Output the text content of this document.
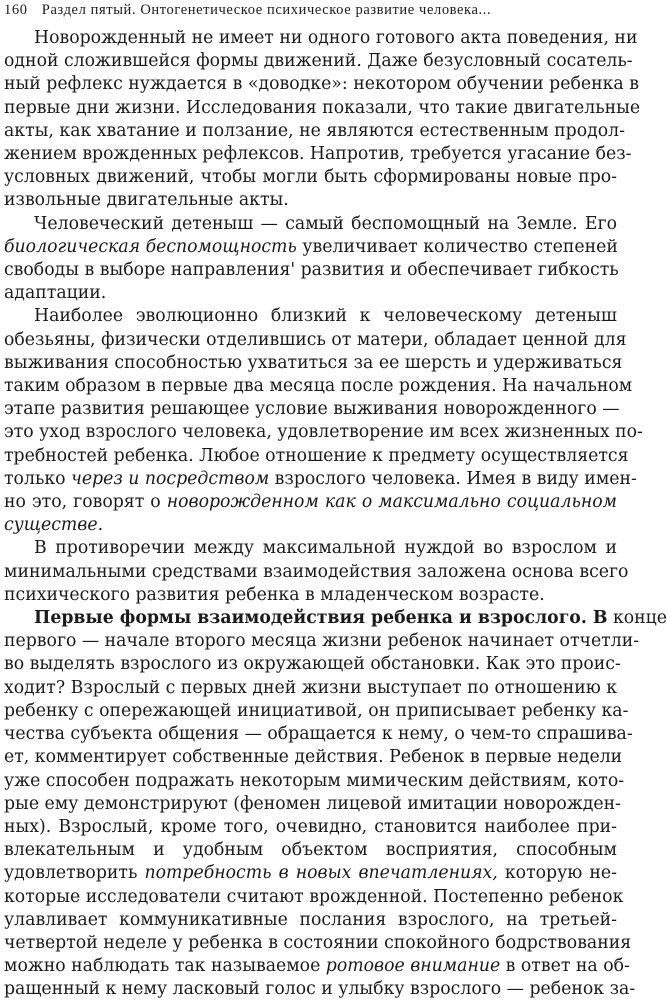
160 Раздел пятый. Онтогенетическое психическое развитие человека...
Новорожденный не имеет ни одного готового акта поведения, ни
одной сложившейся формы движений. Даже безусловный сосатель-
ный рефлекс нуждается в «доводке»: некотором обучении ребенка в
первые дни жизни. Исследования показали, что такие двигательные
акты, как хватание и ползание, не являются естественным продол-
жением врожденных рефлексов. Напротив, требуется угасание без-
условных движений, чтобы могли быть сформированы новые про-
извольные двигательные акты.
Человеческий детеныш — самый беспомощный на Земле. Его
биологическая беспомощность увеличивает количество степеней
свободы в выборе направления' развития и обеспечивает гибкость
адаптации.
Наиболее эволюционно близкий к человеческому детеныш
обезьяны, физически отделившись от матери, обладает ценной для
выживания способностью ухватиться за ее шерсть и удерживаться
таким образом в первые два месяца после рождения. На начальном
этапе развития решающее условие выживания новорожденного —
это уход взрослого человека, удовлетворение им всех жизненных по-
требностей ребенка. Любое отношение к предмету осуществляется
только через и посредством взрослого человека. Имея в виду имен-
но это, говорят о новорожденном как о максимально социальном
существе.
В противоречии между максимальной нуждой во взрослом и
минимальными средствами взаимодействия заложена основа всего
психического развития ребенка в младенческом возрасте.
Первые формы взаимодействия ребенка и взрослого. В конце
первого — начале второго месяца жизни ребенок начинает отчетли-
во выделять взрослого из окружающей обстановки. Как это проис-
ходит? Взрослый с первых дней жизни выступает по отношению к
ребенку с опережающей инициативой, он приписывает ребенку ка-
чества субъекта общения — обращается к нему, о чем-то спрашива-
ет, комментирует собственные действия. Ребенок в первые недели
уже способен подражать некоторым мимическим действиям, кото-
рые ему демонстрируют (феномен лицевой имитации новорожден-
ных). Взрослый, кроме того, очевидно, становится наиболее при-
влекательным и удобным объектом восприятия, способным
удовлетворить потребность в новых впечатлениях, которую не-
которые исследователи считают врожденной. Постепенно ребенок
улавливает коммуникативные послания взрослого, на третьей-
четвертой неделе у ребенка в состоянии спокойного бодрствования
можно наблюдать так называемое ротовое внимание в ответ на об-
ращенный к нему ласковый голос и улыбку взрослого — ребенок за-
